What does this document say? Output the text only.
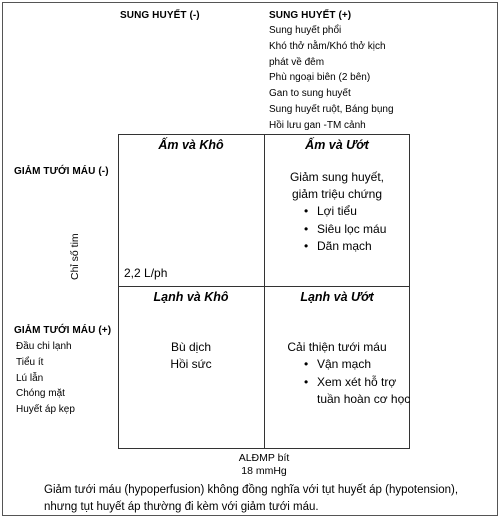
SUNG HUYẾT (-)	SUNG HUYẾT (+)
Sung huyết phổi
Khó thở nằm/Khó thở kịch
phát về đêm
Phù ngoại biên (2 bên)
Gan to sung huyết
Sung huyết ruột, Báng bụng
Hồi lưu gan -TM cảnh
GIẢM TƯỚI MÁU (-)
GIẢM TƯỚI MÁU (+)
Đầu chi lạnh
Tiểu ít
Lú lẫn
Chóng mặt
Huyết áp kẹp
Chỉ số tim
Ấm và Khô
2,2 L/ph
Ấm và Ướt
Giảm sung huyết,
giảm triệu chứng
• Lợi tiểu
• Siêu lọc máu
• Dãn mạch
Lạnh và Khô
Bù dịch
Hồi sức
Lạnh và Ướt
Cải thiện tưới máu
• Vận mạch
• Xem xét hỗ trợ tuần hoàn cơ học
ALĐMP bít
18 mmHg
Giảm tưới máu (hypoperfusion) không đồng nghĩa với tụt huyết áp (hypotension), nhưng tụt huyết áp thường đi kèm với giảm tưới máu.
